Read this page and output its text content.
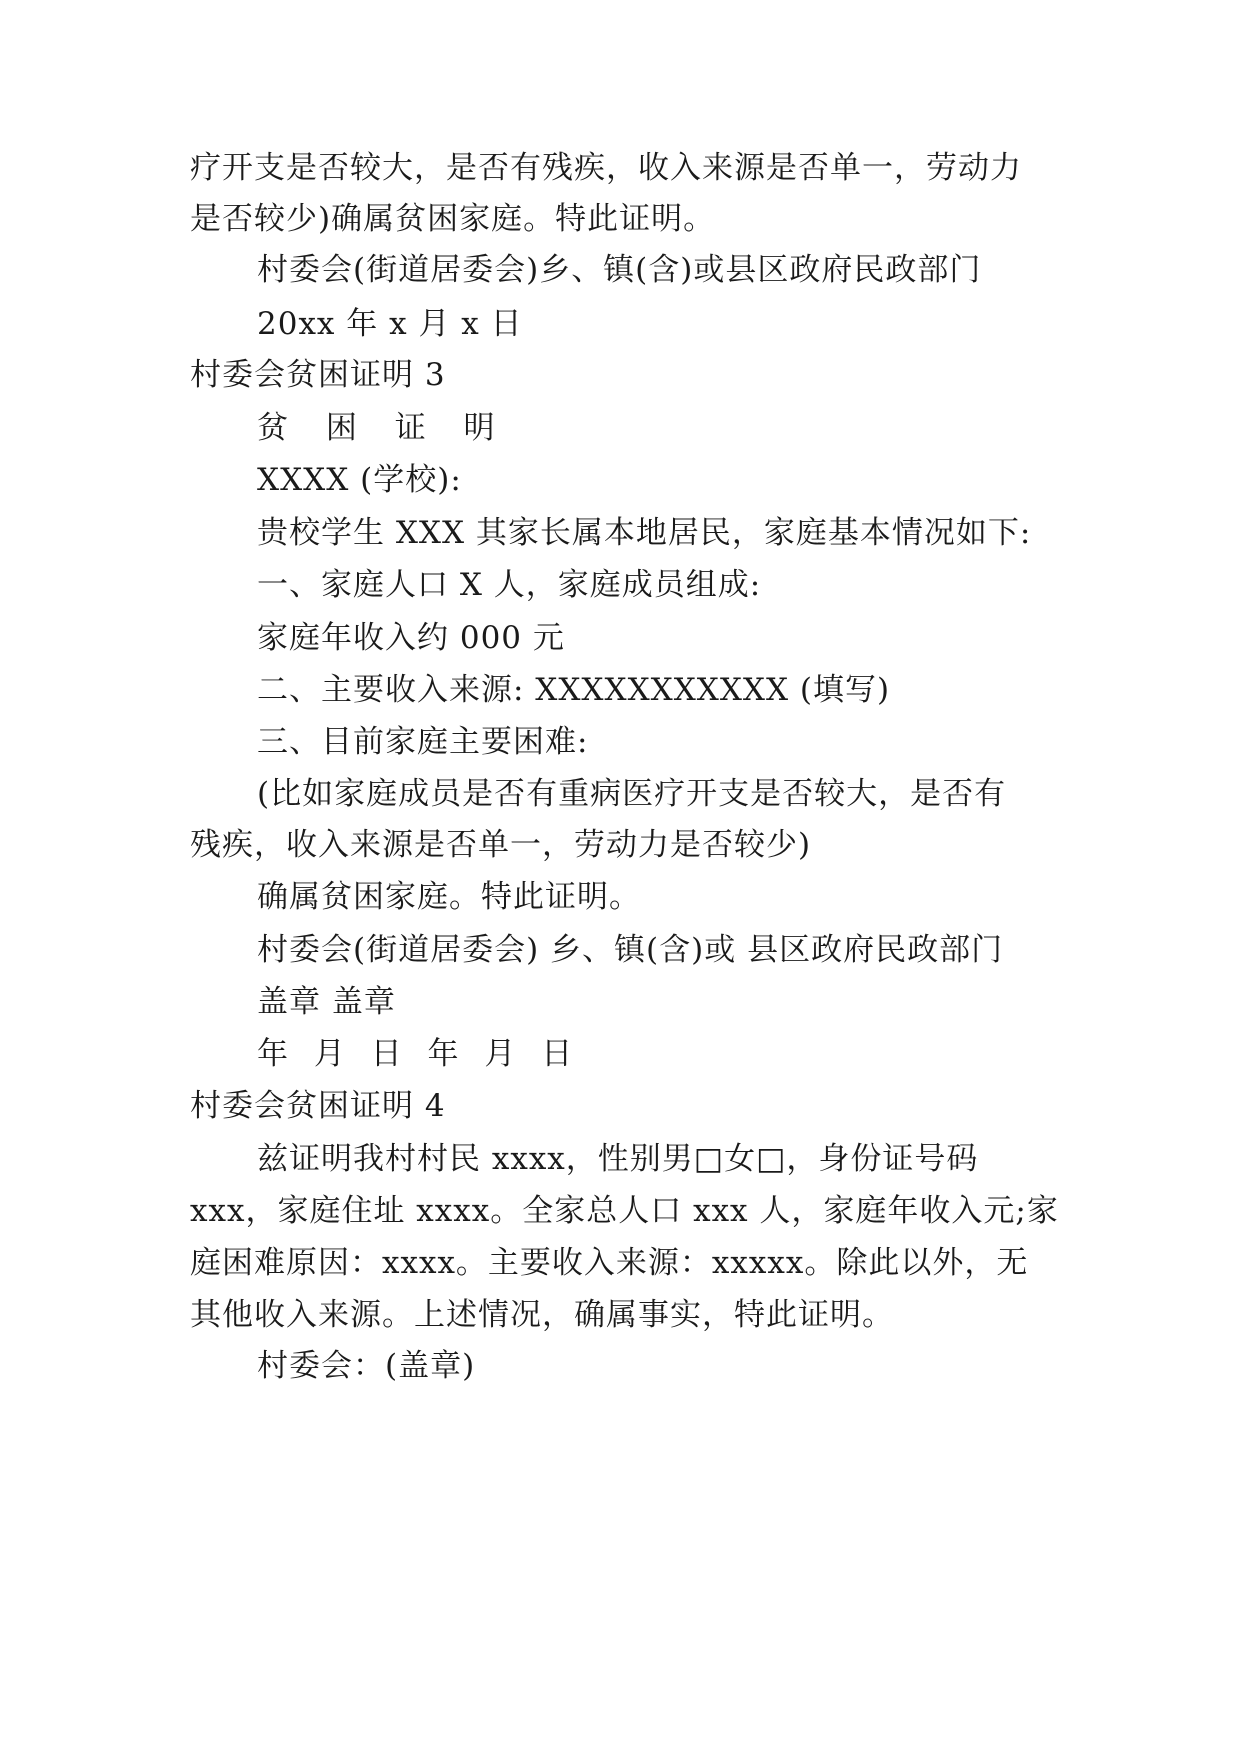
疗开支是否较大，是否有残疾，收入来源是否单一，劳动力
是否较少)确属贫困家庭。特此证明。
村委会(街道居委会)乡、镇(含)或县区政府民政部门
20xx 年 x 月 x 日
村委会贫困证明 3
贫 困 证 明
XXXX (学校):
贵校学生 XXX 其家长属本地居民，家庭基本情况如下:
一、家庭人口 X 人，家庭成员组成:
家庭年收入约 000 元
二、主要收入来源: XXXXXXXXXXX (填写)
三、目前家庭主要困难:
(比如家庭成员是否有重病医疗开支是否较大，是否有
残疾，收入来源是否单一，劳动力是否较少)
确属贫困家庭。特此证明。
村委会(街道居委会) 乡、镇(含)或 县区政府民政部门
盖章 盖章
年 月 日 年 月 日
村委会贫困证明 4
兹证明我村村民 xxxx，性别男□女□，身份证号码
xxx，家庭住址 xxxx。全家总人口 xxx 人，家庭年收入元;家
庭困难原因：xxxx。主要收入来源：xxxxx。除此以外，无
其他收入来源。上述情况，确属事实，特此证明。
村委会：(盖章)
